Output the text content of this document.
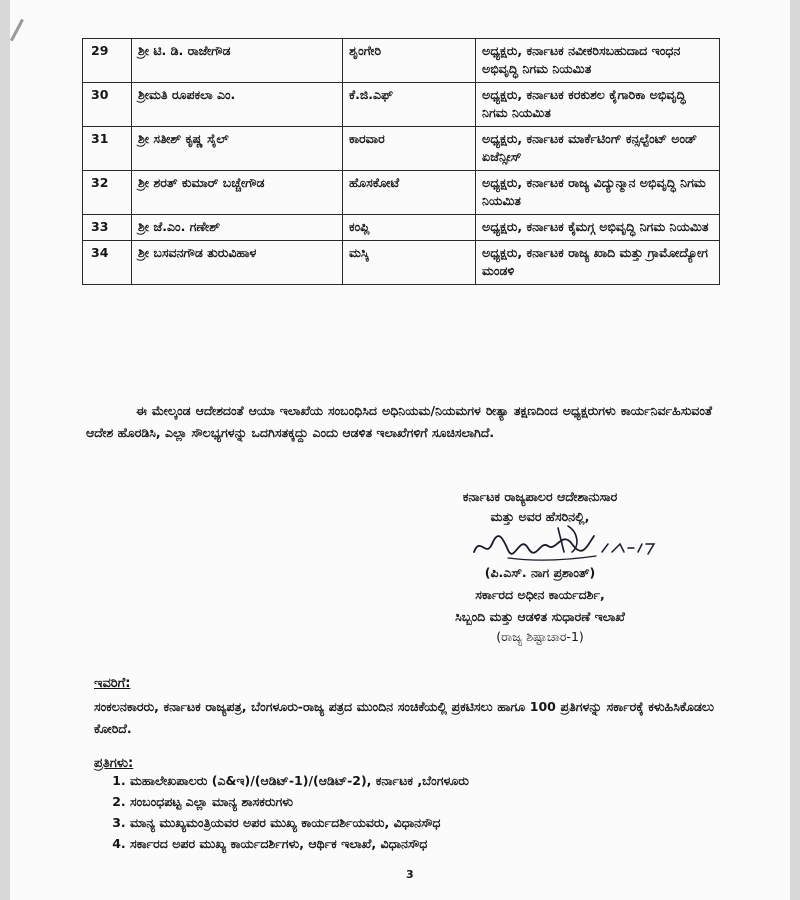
29	ಶ್ರೀ ಟಿ. ಡಿ. ರಾಜೇಗೌಡ	ಶೃಂಗೇರಿ	ಅಧ್ಯಕ್ಷರು, ಕರ್ನಾಟಕ ನವೀಕರಿಸಬಹುದಾದ ಇಂಧನ ಅಭಿವೃದ್ಧಿ ನಿಗಮ ನಿಯಮಿತ
30	ಶ್ರೀಮತಿ ರೂಪಕಲಾ ಎಂ.	ಕೆ.ಜಿ.ಎಫ್	ಅಧ್ಯಕ್ಷರು, ಕರ್ನಾಟಕ ಕರಕುಶಲ ಕೈಗಾರಿಕಾ ಅಭಿವೃದ್ಧಿ ನಿಗಮ ನಿಯಮಿತ
31	ಶ್ರೀ ಸತೀಶ್ ಕೃಷ್ಣ ಸೈಲ್	ಕಾರವಾರ	ಅಧ್ಯಕ್ಷರು, ಕರ್ನಾಟಕ ಮಾರ್ಕೆಟಿಂಗ್ ಕನ್ಸಲ್ಟೆಂಟ್ ಅಂಡ್ ಏಜೆನ್ಸೀಸ್
32	ಶ್ರೀ ಶರತ್ ಕುಮಾರ್ ಬಚ್ಚೇಗೌಡ	ಹೊಸಕೋಟೆ	ಅಧ್ಯಕ್ಷರು, ಕರ್ನಾಟಕ ರಾಜ್ಯ ವಿದ್ಯುನ್ಮಾನ ಅಭಿವೃದ್ಧಿ ನಿಗಮ ನಿಯಮಿತ
33	ಶ್ರೀ ಜೆ.ಎಂ. ಗಣೇಶ್	ಕಂಪ್ಲಿ	ಅಧ್ಯಕ್ಷರು, ಕರ್ನಾಟಕ ಕೈಮಗ್ಗ ಅಭಿವೃದ್ಧಿ ನಿಗಮ ನಿಯಮಿತ
34	ಶ್ರೀ ಬಸವನಗೌಡ ತುರುವಿಹಾಳ	ಮಸ್ಕಿ	ಅಧ್ಯಕ್ಷರು, ಕರ್ನಾಟಕ ರಾಜ್ಯ ಖಾದಿ ಮತ್ತು ಗ್ರಾಮೋದ್ಯೋಗ ಮಂಡಳಿ
ಈ ಮೇಲ್ಕಂಡ ಆದೇಶದಂತೆ ಆಯಾ ಇಲಾಖೆಯ ಸಂಬಂಧಿಸಿದ ಅಧಿನಿಯಮ/ನಿಯಮಗಳ ರೀತ್ಯಾ ತಕ್ಷಣದಿಂದ ಅಧ್ಯಕ್ಷರುಗಳು ಕಾರ್ಯನಿರ್ವಹಿಸುವಂತೆ ಆದೇಶ ಹೊರಡಿಸಿ, ಎಲ್ಲಾ ಸೌಲಭ್ಯಗಳನ್ನು ಒದಗಿಸತಕ್ಕದ್ದು ಎಂದು ಆಡಳಿತ ಇಲಾಖೆಗಳಿಗೆ ಸೂಚಿಸಲಾಗಿದೆ.
ಕರ್ನಾಟಕ ರಾಜ್ಯಪಾಲರ ಆದೇಶಾನುಸಾರ
ಮತ್ತು ಅವರ ಹೆಸರಿನಲ್ಲಿ,
(ಪಿ.ಎಸ್. ನಾಗ ಪ್ರಶಾಂತ್)
ಸರ್ಕಾರದ ಅಧೀನ ಕಾರ್ಯದರ್ಶಿ,
ಸಿಬ್ಬಂದಿ ಮತ್ತು ಆಡಳಿತ ಸುಧಾರಣೆ ಇಲಾಖೆ
(ರಾಜ್ಯ ಶಿಷ್ಟಾಚಾರ-1)
ಇವರಿಗೆ:
ಸಂಕಲನಕಾರರು, ಕರ್ನಾಟಕ ರಾಜ್ಯಪತ್ರ, ಬೆಂಗಳೂರು-ರಾಜ್ಯ ಪತ್ರದ ಮುಂದಿನ ಸಂಚಿಕೆಯಲ್ಲಿ ಪ್ರಕಟಿಸಲು ಹಾಗೂ 100 ಪ್ರತಿಗಳನ್ನು ಸರ್ಕಾರಕ್ಕೆ ಕಳುಹಿಸಿಕೊಡಲು ಕೋರಿದೆ.
ಪ್ರತಿಗಳು:
1. ಮಹಾಲೇಖಪಾಲರು (ಎ&ಇ)/(ಆಡಿಟ್-1)/(ಆಡಿಟ್-2), ಕರ್ನಾಟಕ ,ಬೆಂಗಳೂರು
2. ಸಂಬಂಧಪಟ್ಟ ಎಲ್ಲಾ ಮಾನ್ಯ ಶಾಸಕರುಗಳು
3. ಮಾನ್ಯ ಮುಖ್ಯಮಂತ್ರಿಯವರ ಅಪರ ಮುಖ್ಯ ಕಾರ್ಯದರ್ಶಿಯವರು, ವಿಧಾನಸೌಧ
4. ಸರ್ಕಾರದ ಅಪರ ಮುಖ್ಯ ಕಾರ್ಯದರ್ಶಿಗಳು, ಆರ್ಥಿಕ ಇಲಾಖೆ, ವಿಧಾನಸೌಧ
3
